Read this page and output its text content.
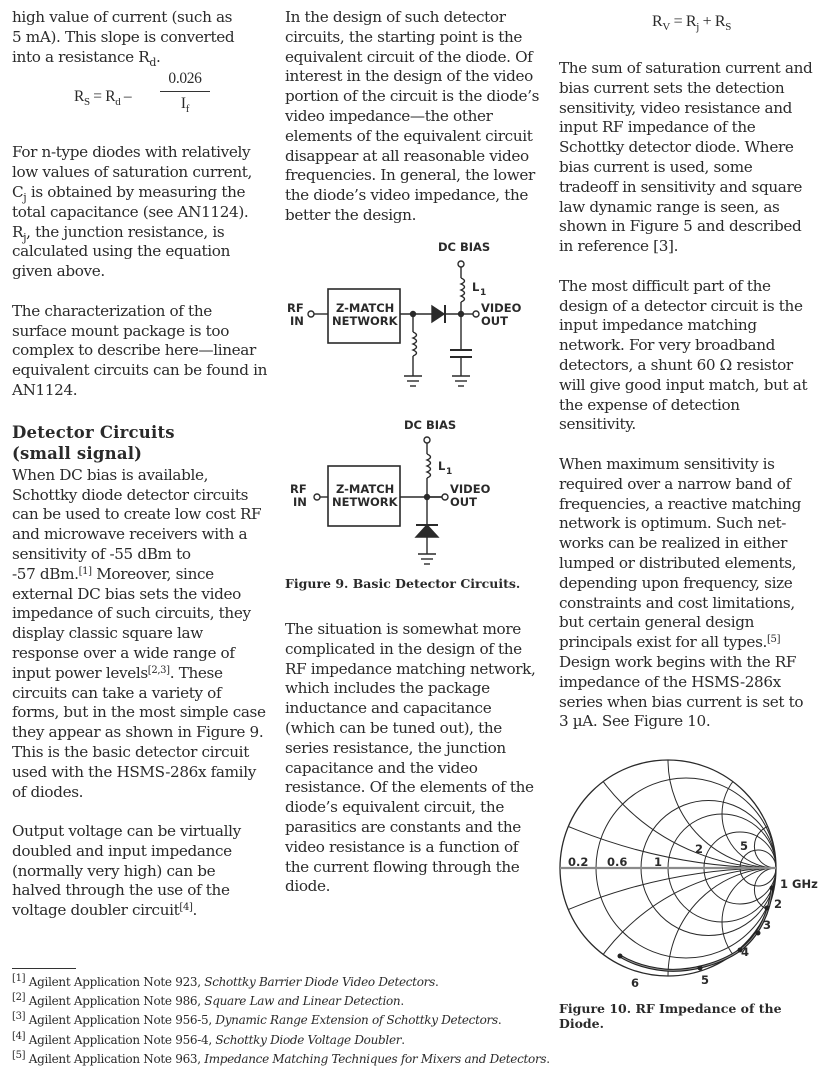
high value of current (such as
5 mA). This slope is converted
into a resistance $R_d$.

$R_S = R_d$ –
0.026
$I_f$

For n-type diodes with relatively
low values of saturation current,
$C_j$ is obtained by measuring the
total capacitance (see AN1124).
$R_j$, the junction resistance, is
calculated using the equation
given above.

The characterization of the
surface mount package is too
complex to describe here—linear
equivalent circuits can be found in
AN1124.

Detector Circuits
(small signal)

When DC bias is available,
Schottky diode detector circuits
can be used to create low cost RF
and microwave receivers with a
sensitivity of -55 dBm to
-57 dBm.[1] Moreover, since
external DC bias sets the video
impedance of such circuits, they
display classic square law
response over a wide range of
input power levels[2,3]. These
circuits can take a variety of
forms, but in the most simple case
they appear as shown in Figure 9.
This is the basic detector circuit
used with the HSMS-286x family
of diodes.

Output voltage can be virtually
doubled and input impedance
(normally very high) can be
halved through the use of the
voltage doubler circuit[4].

In the design of such detector
circuits, the starting point is the
equivalent circuit of the diode. Of
interest in the design of the video
portion of the circuit is the diode’s
video impedance—the other
elements of the equivalent circuit
disappear at all reasonable video
frequencies. In general, the lower
the diode’s video impedance, the
better the design.

DC BIAS
L 1
RF
IN
Z-MATCH
NETWORK
VIDEO
OUT
DC BIAS
L 1
RF
IN
Z-MATCH
NETWORK
VIDEO
OUT
Figure 9. Basic Detector Circuits.

The situation is somewhat more
complicated in the design of the
RF impedance matching network,
which includes the package
inductance and capacitance
(which can be tuned out), the
series resistance, the junction
capacitance and the video
resistance. Of the elements of the
diode’s equivalent circuit, the
parasitics are constants and the
video resistance is a function of
the current flowing through the
diode.

$R_V = R_j + R_S$

The sum of saturation current and
bias current sets the detection
sensitivity, video resistance and
input RF impedance of the
Schottky detector diode. Where
bias current is used, some
tradeoff in sensitivity and square
law dynamic range is seen, as
shown in Figure 5 and described
in reference [3].

The most difficult part of the
design of a detector circuit is the
input impedance matching
network. For very broadband
detectors, a shunt 60 Ω resistor
will give good input match, but at
the expense of detection
sensitivity.

When maximum sensitivity is
required over a narrow band of
frequencies, a reactive matching
network is optimum. Such net-
works can be realized in either
lumped or distributed elements,
depending upon frequency, size
constraints and cost limitations,
but certain general design
principals exist for all types.[5]
Design work begins with the RF
impedance of the HSMS-286x
series when bias current is set to
3 µA. See Figure 10.

0.2 0.6 1
2	5
1 GHz
2
3
4
5
6
Figure 10. RF Impedance of the
Diode.
[1] Agilent Application Note 923, Schottky Barrier Diode Video Detectors.
[2] Agilent Application Note 986, Square Law and Linear Detection.
[3] Agilent Application Note 956-5, Dynamic Range Extension of Schottky Detectors.
[4] Agilent Application Note 956-4, Schottky Diode Voltage Doubler.
[5] Agilent Application Note 963, Impedance Matching Techniques for Mixers and Detectors.
